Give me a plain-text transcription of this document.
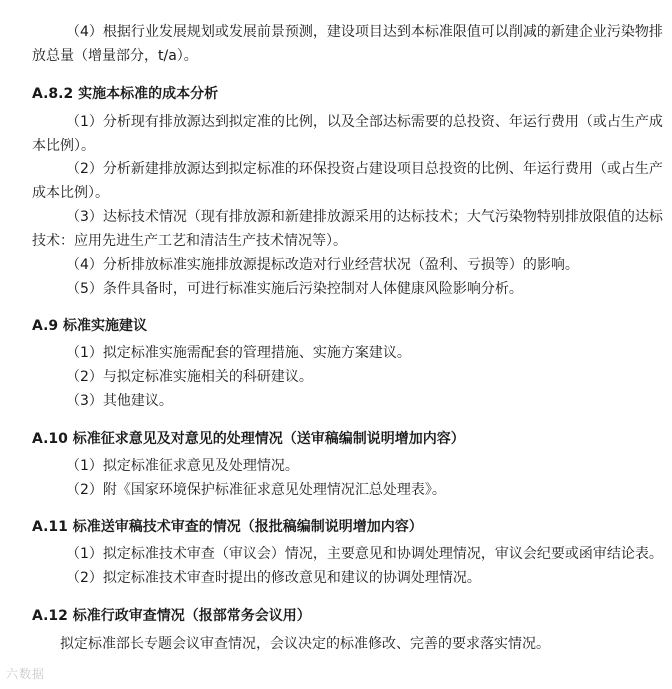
（4）根据行业发展规划或发展前景预测，建设项目达到本标准限值可以削减的新建企业污染物排
放总量（增量部分，t/a）。
A.8.2 实施本标准的成本分析
（1）分析现有排放源达到拟定准的比例，以及全部达标需要的总投资、年运行费用（或占生产成
本比例）。
（2）分析新建排放源达到拟定标准的环保投资占建设项目总投资的比例、年运行费用（或占生产
成本比例）。
（3）达标技术情况（现有排放源和新建排放源采用的达标技术；大气污染物特别排放限值的达标
技术：应用先进生产工艺和清洁生产技术情况等）。
（4）分析排放标准实施排放源提标改造对行业经营状况（盈利、亏损等）的影响。
（5）条件具备时，可进行标准实施后污染控制对人体健康风险影响分析。
A.9 标准实施建议
（1）拟定标准实施需配套的管理措施、实施方案建议。
（2）与拟定标准实施相关的科研建议。
（3）其他建议。
A.10 标准征求意见及对意见的处理情况（送审稿编制说明增加内容）
（1）拟定标准征求意见及处理情况。
（2）附《国家环境保护标准征求意见处理情况汇总处理表》。
A.11 标准送审稿技术审查的情况（报批稿编制说明增加内容）
（1）拟定标准技术审查（审议会）情况，主要意见和协调处理情况，审议会纪要或函审结论表。
（2）拟定标准技术审查时提出的修改意见和建议的协调处理情况。
A.12 标准行政审查情况（报部常务会议用）
拟定标准部长专题会议审查情况，会议决定的标准修改、完善的要求落实情况。
六数据
